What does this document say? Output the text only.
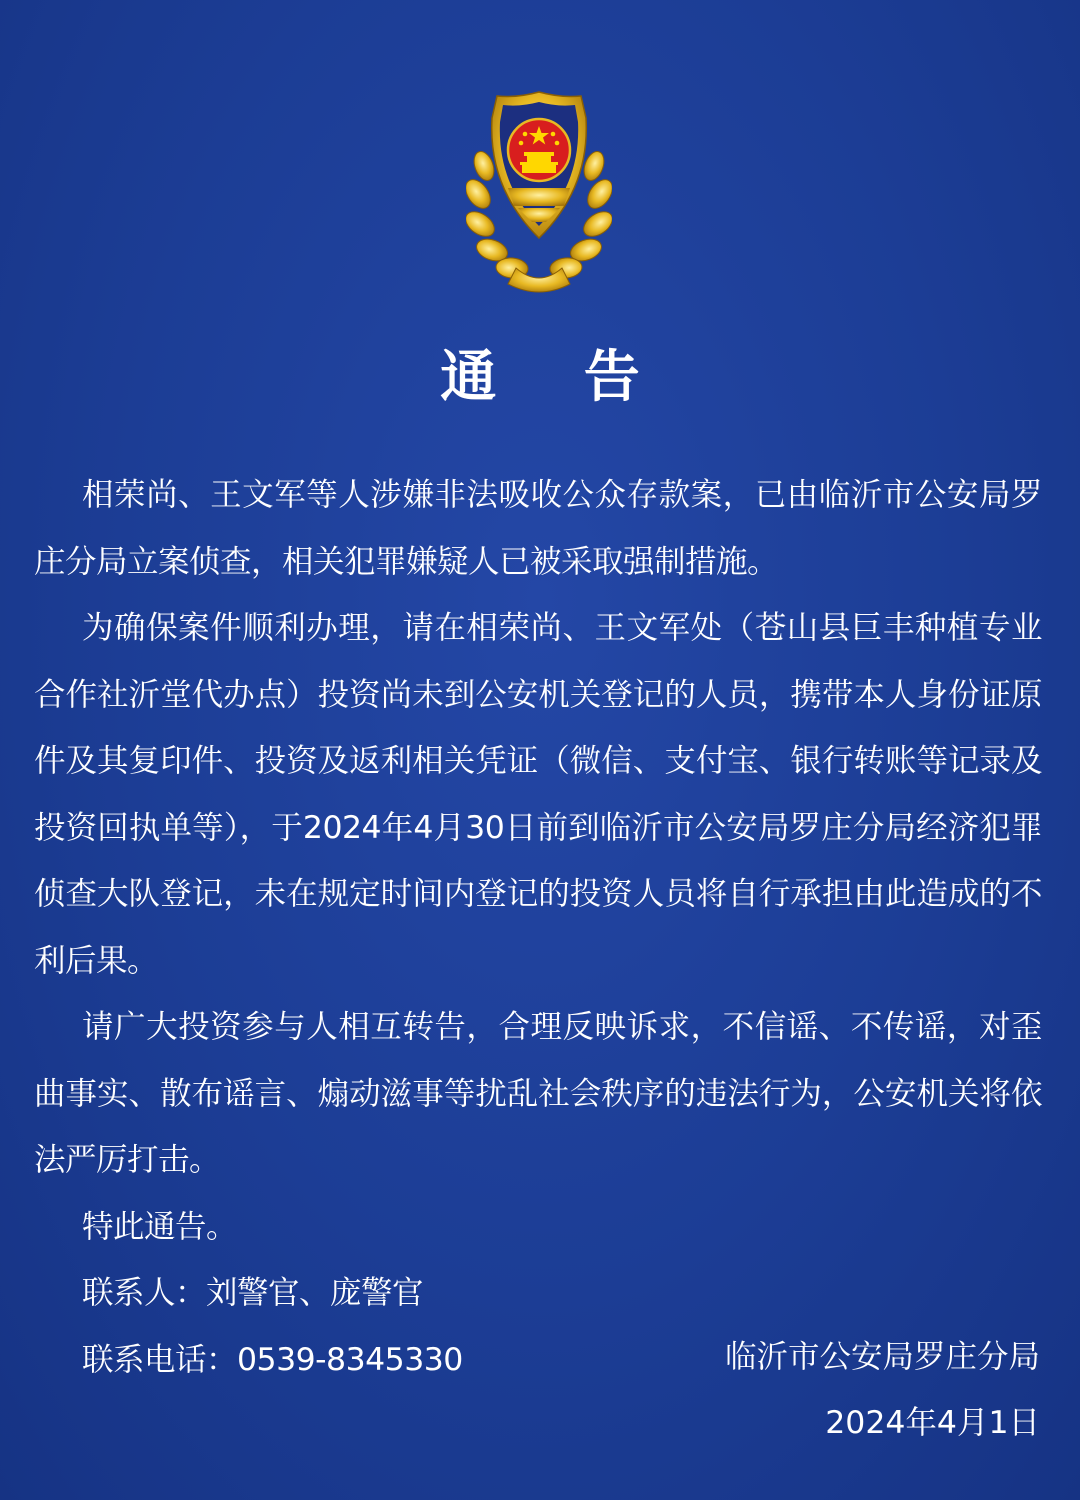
通 告

相荣尚、王文军等人涉嫌非法吸收公众存款案，已由临沂市公安局罗庄分局立案侦查，相关犯罪嫌疑人已被采取强制措施。

为确保案件顺利办理，请在相荣尚、王文军处（苍山县巨丰种植专业合作社沂堂代办点）投资尚未到公安机关登记的人员，携带本人身份证原件及其复印件、投资及返利相关凭证（微信、支付宝、银行转账等记录及投资回执单等），于2024年4月30日前到临沂市公安局罗庄分局经济犯罪侦查大队登记，未在规定时间内登记的投资人员将自行承担由此造成的不利后果。

请广大投资参与人相互转告，合理反映诉求，不信谣、不传谣，对歪曲事实、散布谣言、煽动滋事等扰乱社会秩序的违法行为，公安机关将依法严厉打击。

特此通告。

联系人：刘警官、庞警官

联系电话：0539-8345330	临沂市公安局罗庄分局
2024年4月1日
